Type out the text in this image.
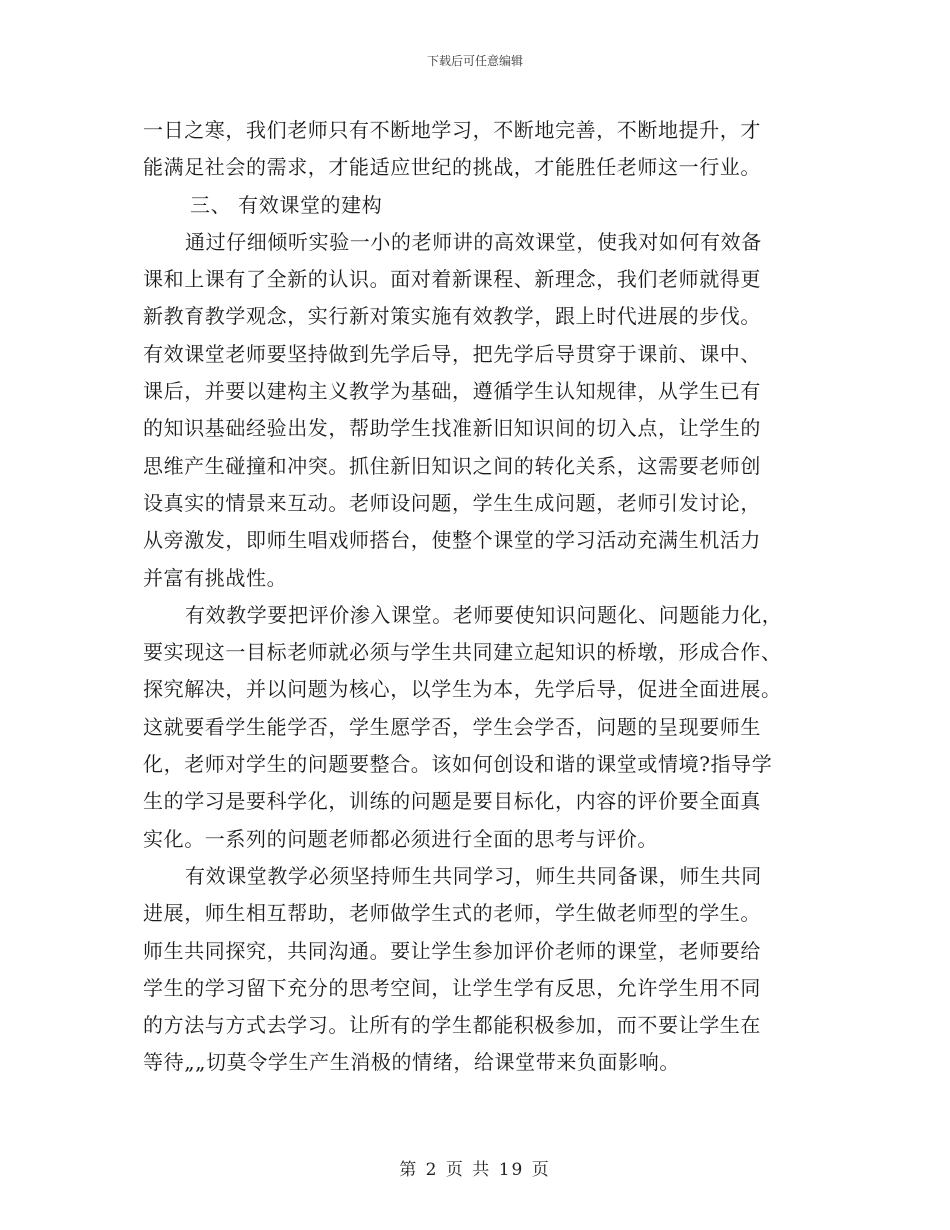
下载后可任意编辑
一日之寒，我们老师只有不断地学习，不断地完善，不断地提升，才
能满足社会的需求，才能适应世纪的挑战，才能胜任老师这一行业。
三、 有效课堂的建构
通过仔细倾听实验一小的老师讲的高效课堂，使我对如何有效备
课和上课有了全新的认识。面对着新课程、新理念，我们老师就得更
新教育教学观念，实行新对策实施有效教学，跟上时代进展的步伐。
有效课堂老师要坚持做到先学后导，把先学后导贯穿于课前、课中、
课后，并要以建构主义教学为基础，遵循学生认知规律，从学生已有
的知识基础经验出发，帮助学生找准新旧知识间的切入点，让学生的
思维产生碰撞和冲突。抓住新旧知识之间的转化关系，这需要老师创
设真实的情景来互动。老师设问题，学生生成问题，老师引发讨论，
从旁激发，即师生唱戏师搭台，使整个课堂的学习活动充满生机活力
并富有挑战性。
有效教学要把评价渗入课堂。老师要使知识问题化、问题能力化，
要实现这一目标老师就必须与学生共同建立起知识的桥墩，形成合作、
探究解决，并以问题为核心，以学生为本，先学后导，促进全面进展。
这就要看学生能学否，学生愿学否，学生会学否，问题的呈现要师生
化，老师对学生的问题要整合。该如何创设和谐的课堂或情境?指导学
生的学习是要科学化，训练的问题是要目标化，内容的评价要全面真
实化。一系列的问题老师都必须进行全面的思考与评价。
有效课堂教学必须坚持师生共同学习，师生共同备课，师生共同
进展，师生相互帮助，老师做学生式的老师，学生做老师型的学生。
师生共同探究，共同沟通。要让学生参加评价老师的课堂，老师要给
学生的学习留下充分的思考空间，让学生学有反思，允许学生用不同
的方法与方式去学习。让所有的学生都能积极参加，而不要让学生在
等待„„切莫令学生产生消极的情绪，给课堂带来负面影响。
第 2 页 共 19 页
